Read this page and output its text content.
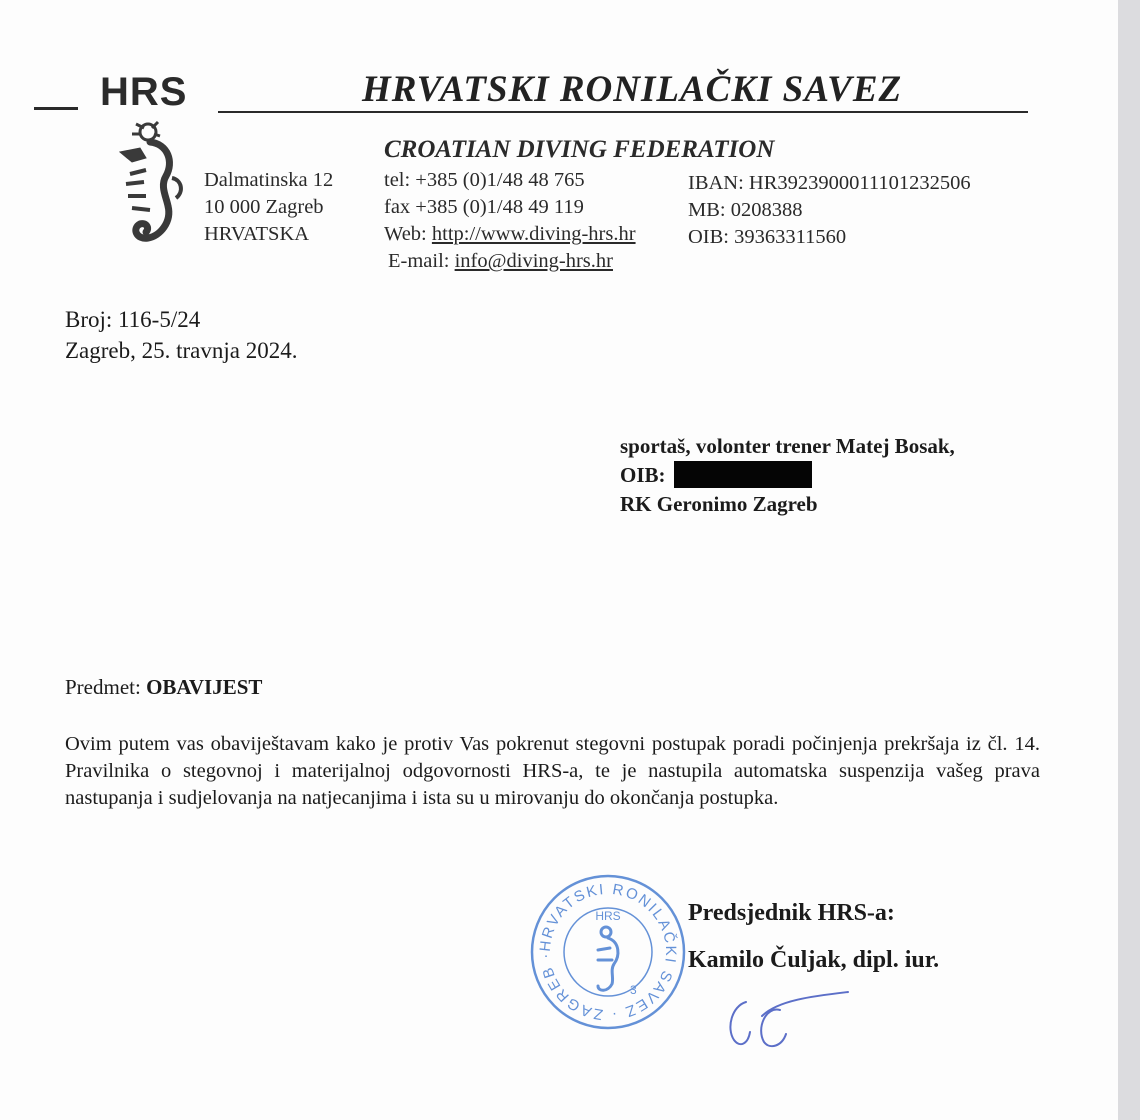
HRS	HRVATSKI RONILAČKI SAVEZ
CROATIAN DIVING FEDERATION
Dalmatinska 12
10 000 Zagreb
HRVATSKA
tel: +385 (0)1/48 48 765
fax +385 (0)1/48 49 119
Web: http://www.diving-hrs.hr
E-mail: info@diving-hrs.hr
IBAN: HR3923900011101232506
MB: 0208388
OIB: 39363311560
Broj: 116-5/24
Zagreb, 25. travnja 2024.
sportaš, volonter trener Matej Bosak,
OIB:
RK Geronimo Zagreb
Predmet: OBAVIJEST
Ovim putem vas obaviještavam kako je protiv Vas pokrenut stegovni postupak poradi počinjenja prekršaja iz čl. 14. Pravilnika o stegovnoj i materijalnoj odgovornosti HRS-a, te je nastupila automatska suspenzija vašeg prava nastupanja i sudjelovanja na natjecanjima i ista su u mirovanju do okončanja postupka.
HRVATSKI RONILAČKI SAVEZ · ZAGREB ·
HRS
3
Predsjednik HRS-a:
Kamilo Čuljak, dipl. iur.
